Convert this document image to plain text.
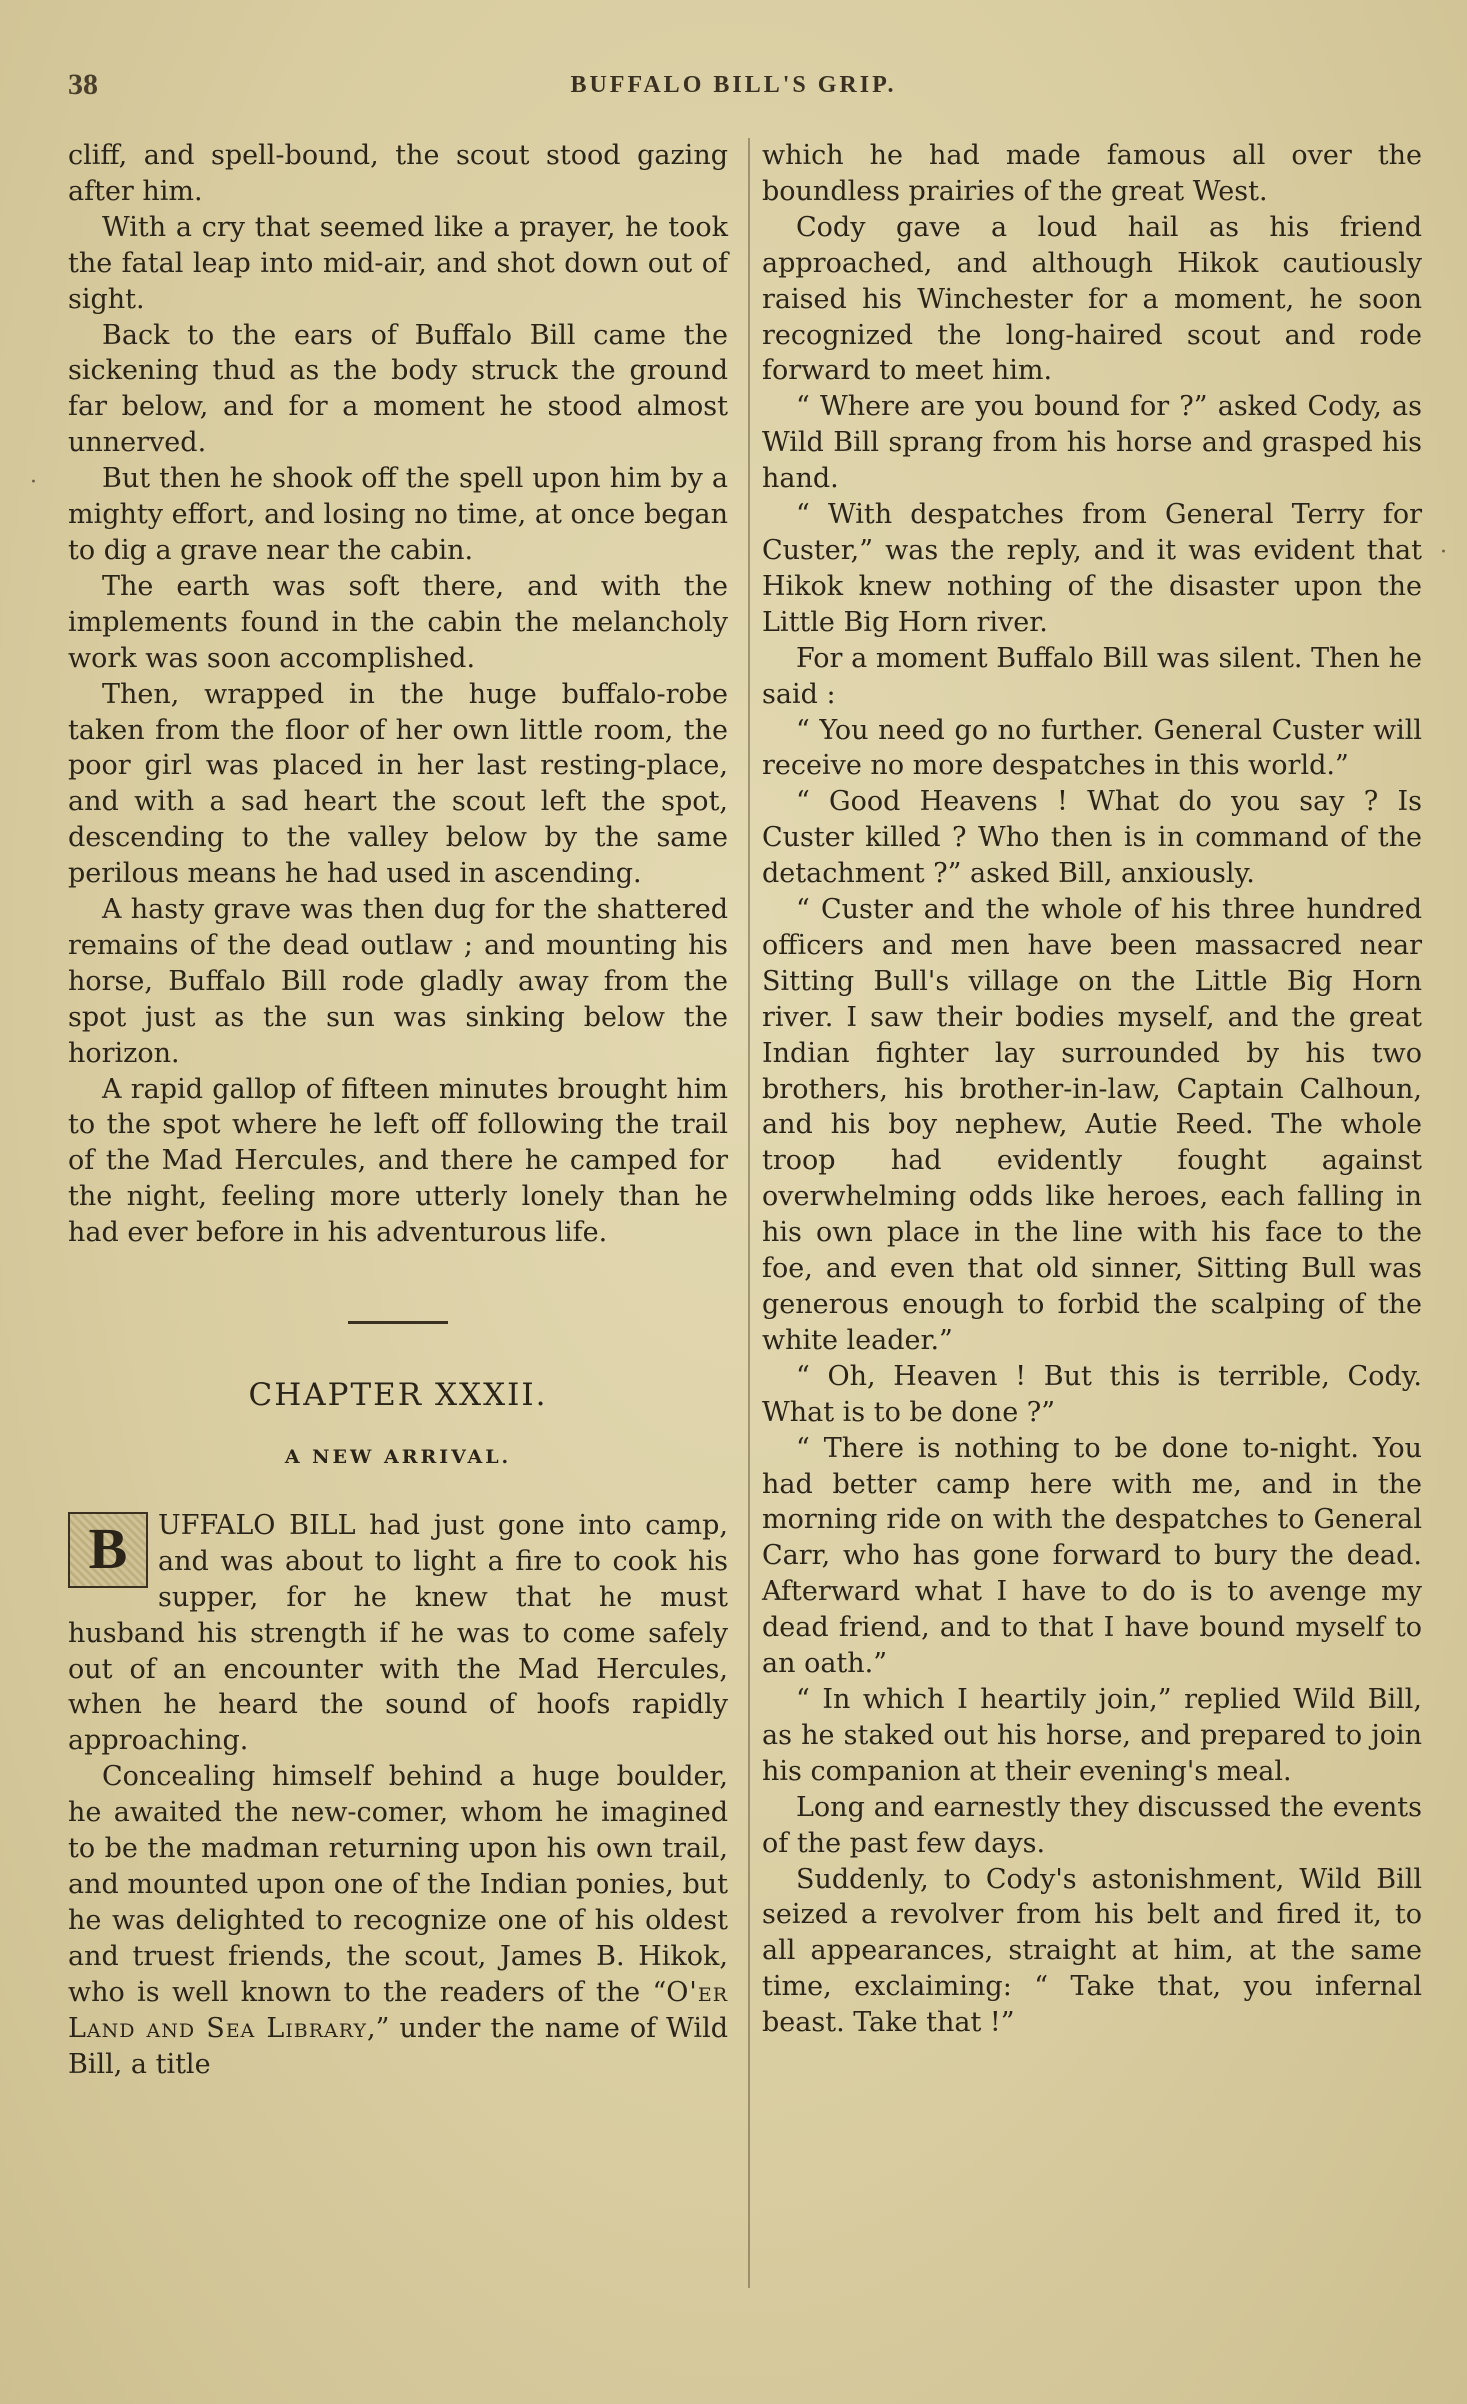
38	BUFFALO BILL'S GRIP.

cliff, and spell-bound, the scout stood gazing after him.

With a cry that seemed like a prayer, he took the fatal leap into mid-air, and shot down out of sight.

Back to the ears of Buffalo Bill came the sickening thud as the body struck the ground far below, and for a moment he stood almost unnerved.

But then he shook off the spell upon him by a mighty effort, and losing no time, at once began to dig a grave near the cabin.

The earth was soft there, and with the implements found in the cabin the melancholy work was soon accomplished.

Then, wrapped in the huge buffalo-robe taken from the floor of her own little room, the poor girl was placed in her last resting-place, and with a sad heart the scout left the spot, descending to the valley below by the same perilous means he had used in ascending.

A hasty grave was then dug for the shattered remains of the dead outlaw ; and mounting his horse, Buffalo Bill rode gladly away from the spot just as the sun was sinking below the horizon.

A rapid gallop of fifteen minutes brought him to the spot where he left off following the trail of the Mad Hercules, and there he camped for the night, feeling more utterly lonely than he had ever before in his adventurous life.

CHAPTER XXXII.
A NEW ARRIVAL.

B	UFFALO BILL had just gone into camp, and was about to light a fire to cook his supper, for he knew that he must husband his strength if he was to come safely out of an encounter with the Mad Hercules, when he heard the sound of hoofs rapidly approaching.

Concealing himself behind a huge boulder, he awaited the new-comer, whom he imagined to be the madman returning upon his own trail, and mounted upon one of the Indian ponies, but he was delighted to recognize one of his oldest and truest friends, the scout, James B. Hikok, who is well known to the readers of the “O'er Land and Sea Library,” under the name of Wild Bill, a title

which he had made famous all over the boundless prairies of the great West.

Cody gave a loud hail as his friend approached, and although Hikok cautiously raised his Winchester for a moment, he soon recognized the long-haired scout and rode forward to meet him.

“ Where are you bound for ?” asked Cody, as Wild Bill sprang from his horse and grasped his hand.

“ With despatches from General Terry for Custer,” was the reply, and it was evident that Hikok knew nothing of the disaster upon the Little Big Horn river.

For a moment Buffalo Bill was silent. Then he said :

“ You need go no further. General Custer will receive no more despatches in this world.”

“ Good Heavens ! What do you say ? Is Custer killed ? Who then is in command of the detachment ?” asked Bill, anxiously.

“ Custer and the whole of his three hundred officers and men have been massacred near Sitting Bull's village on the Little Big Horn river. I saw their bodies myself, and the great Indian fighter lay surrounded by his two brothers, his brother-in-law, Captain Calhoun, and his boy nephew, Autie Reed. The whole troop had evidently fought against overwhelming odds like heroes, each falling in his own place in the line with his face to the foe, and even that old sinner, Sitting Bull was generous enough to forbid the scalping of the white leader.”

“ Oh, Heaven ! But this is terrible, Cody. What is to be done ?”

“ There is nothing to be done to-night. You had better camp here with me, and in the morning ride on with the despatches to General Carr, who has gone forward to bury the dead. Afterward what I have to do is to avenge my dead friend, and to that I have bound myself to an oath.”

“ In which I heartily join,” replied Wild Bill, as he staked out his horse, and prepared to join his companion at their evening's meal.

Long and earnestly they discussed the events of the past few days.

Suddenly, to Cody's astonishment, Wild Bill seized a revolver from his belt and fired it, to all appearances, straight at him, at the same time, exclaiming: “ Take that, you infernal beast. Take that !”

·
·
